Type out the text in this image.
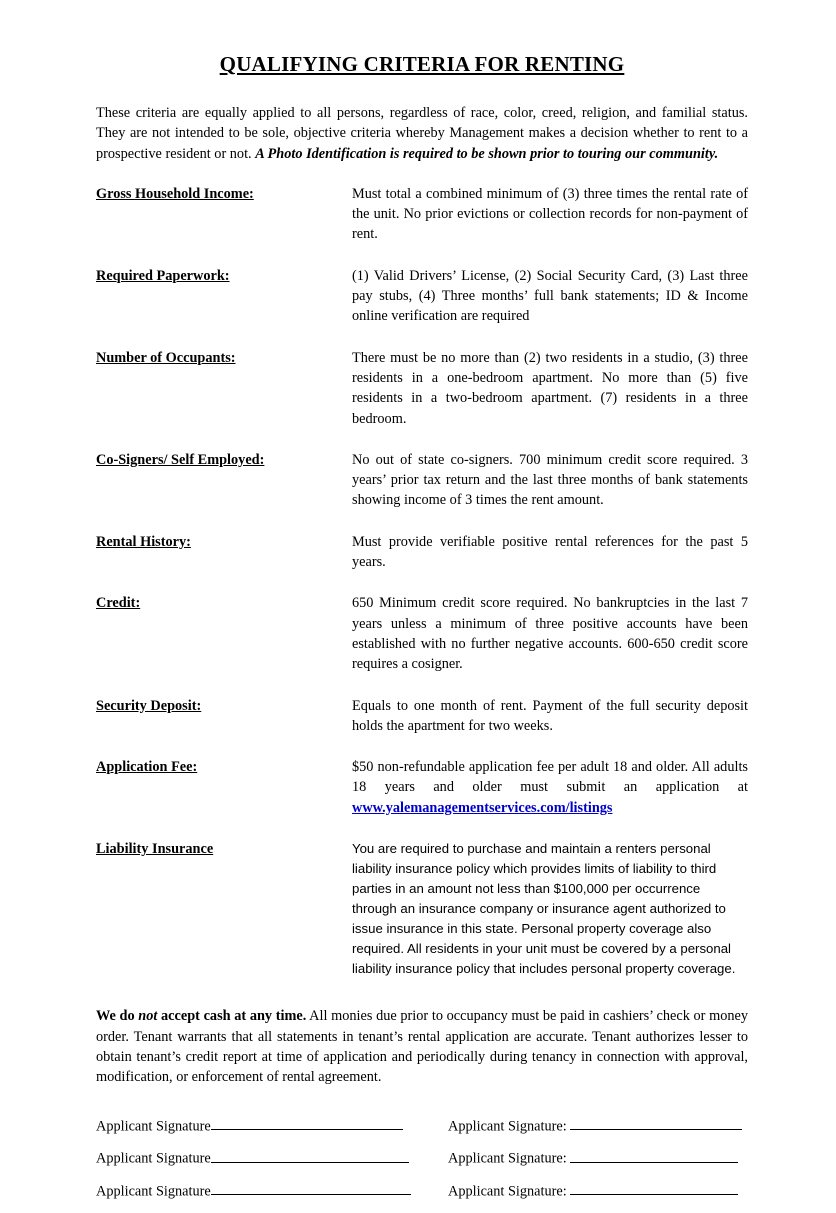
QUALIFYING CRITERIA FOR RENTING

These criteria are equally applied to all persons, regardless of race, color, creed, religion, and familial status. They are not intended to be sole, objective criteria whereby Management makes a decision whether to rent to a prospective resident or not. A Photo Identification is required to be shown prior to touring our community.

Gross Household Income:	Must total a combined minimum of (3) three times the rental rate of the unit. No prior evictions or collection records for non-payment of rent.
Required Paperwork:	(1) Valid Drivers’ License, (2) Social Security Card, (3) Last three pay stubs, (4) Three months’ full bank statements; ID & Income online verification are required
Number of Occupants:	There must be no more than (2) two residents in a studio, (3) three residents in a one-bedroom apartment. No more than (5) five residents in a two-bedroom apartment. (7) residents in a three bedroom.
Co-Signers/ Self Employed:	No out of state co-signers. 700 minimum credit score required. 3 years’ prior tax return and the last three months of bank statements showing income of 3 times the rent amount.
Rental History:	Must provide verifiable positive rental references for the past 5 years.
Credit:	650 Minimum credit score required. No bankruptcies in the last 7 years unless a minimum of three positive accounts have been established with no further negative accounts. 600-650 credit score requires a cosigner.
Security Deposit:	Equals to one month of rent. Payment of the full security deposit holds the apartment for two weeks.
Application Fee:	$50 non-refundable application fee per adult 18 and older. All adults 18 years and older must submit an application at www.yalemanagementservices.com/listings
Liability Insurance	You are required to purchase and maintain a renters personal liability insurance policy which provides limits of liability to third parties in an amount not less than $100,000 per occurrence through an insurance company or insurance agent authorized to issue insurance in this state. Personal property coverage also required. All residents in your unit must be covered by a personal liability insurance policy that includes personal property coverage.

We do not accept cash at any time. All monies due prior to occupancy must be paid in cashiers’ check or money order. Tenant warrants that all statements in tenant’s rental application are accurate. Tenant authorizes lesser to obtain tenant’s credit report at time of application and periodically during tenancy in connection with approval, modification, or enforcement of rental agreement.

Applicant Signature	Applicant Signature:
Applicant Signature	Applicant Signature:
Applicant Signature	Applicant Signature:
